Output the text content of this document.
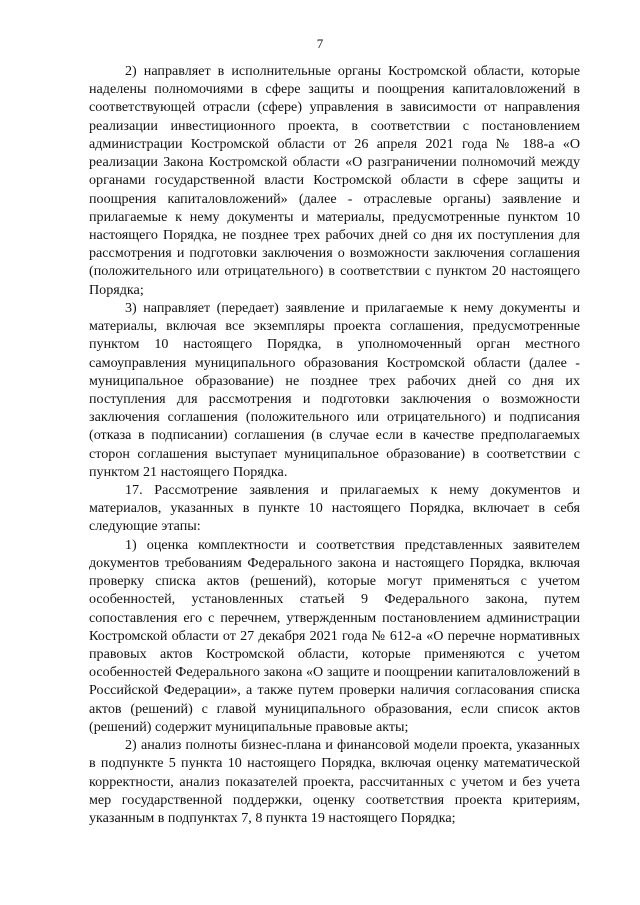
7

2) направляет в исполнительные органы Костромской области, которые наделены полномочиями в сфере защиты и поощрения капиталовложений в соответствующей отрасли (сфере) управления в зависимости от направления реализации инвестиционного проекта, в соответствии с постановлением администрации Костромской области от 26 апреля 2021 года № 188-а «О реализации Закона Костромской области «О разграничении полномочий между органами государственной власти Костромской области в сфере защиты и поощрения капиталовложений» (далее - отраслевые органы) заявление и прилагаемые к нему документы и материалы, предусмотренные пунктом 10 настоящего Порядка, не позднее трех рабочих дней со дня их поступления для рассмотрения и подготовки заключения о возможности заключения соглашения (положительного или отрицательного) в соответствии с пунктом 20 настоящего Порядка;

3) направляет (передает) заявление и прилагаемые к нему документы и материалы, включая все экземпляры проекта соглашения, предусмотренные пунктом 10 настоящего Порядка, в уполномоченный орган местного самоуправления муниципального образования Костромской области (далее - муниципальное образование) не позднее трех рабочих дней со дня их поступления для рассмотрения и подготовки заключения о возможности заключения соглашения (положительного или отрицательного) и подписания (отказа в подписании) соглашения (в случае если в качестве предполагаемых сторон соглашения выступает муниципальное образование) в соответствии с пунктом 21 настоящего Порядка.

17. Рассмотрение заявления и прилагаемых к нему документов и материалов, указанных в пункте 10 настоящего Порядка, включает в себя следующие этапы:

1) оценка комплектности и соответствия представленных заявителем документов требованиям Федерального закона и настоящего Порядка, включая проверку списка актов (решений), которые могут применяться с учетом особенностей, установленных статьей 9 Федерального закона, путем сопоставления его с перечнем, утвержденным постановлением администрации Костромской области от 27 декабря 2021 года № 612-а «О перечне нормативных правовых актов Костромской области, которые применяются с учетом особенностей Федерального закона «О защите и поощрении капиталовложений в Российской Федерации», а также путем проверки наличия согласования списка актов (решений) с главой муниципального образования, если список актов (решений) содержит муниципальные правовые акты;

2) анализ полноты бизнес-плана и финансовой модели проекта, указанных в подпункте 5 пункта 10 настоящего Порядка, включая оценку математической корректности, анализ показателей проекта, рассчитанных с учетом и без учета мер государственной поддержки, оценку соответствия проекта критериям, указанным в подпунктах 7, 8 пункта 19 настоящего Порядка;
